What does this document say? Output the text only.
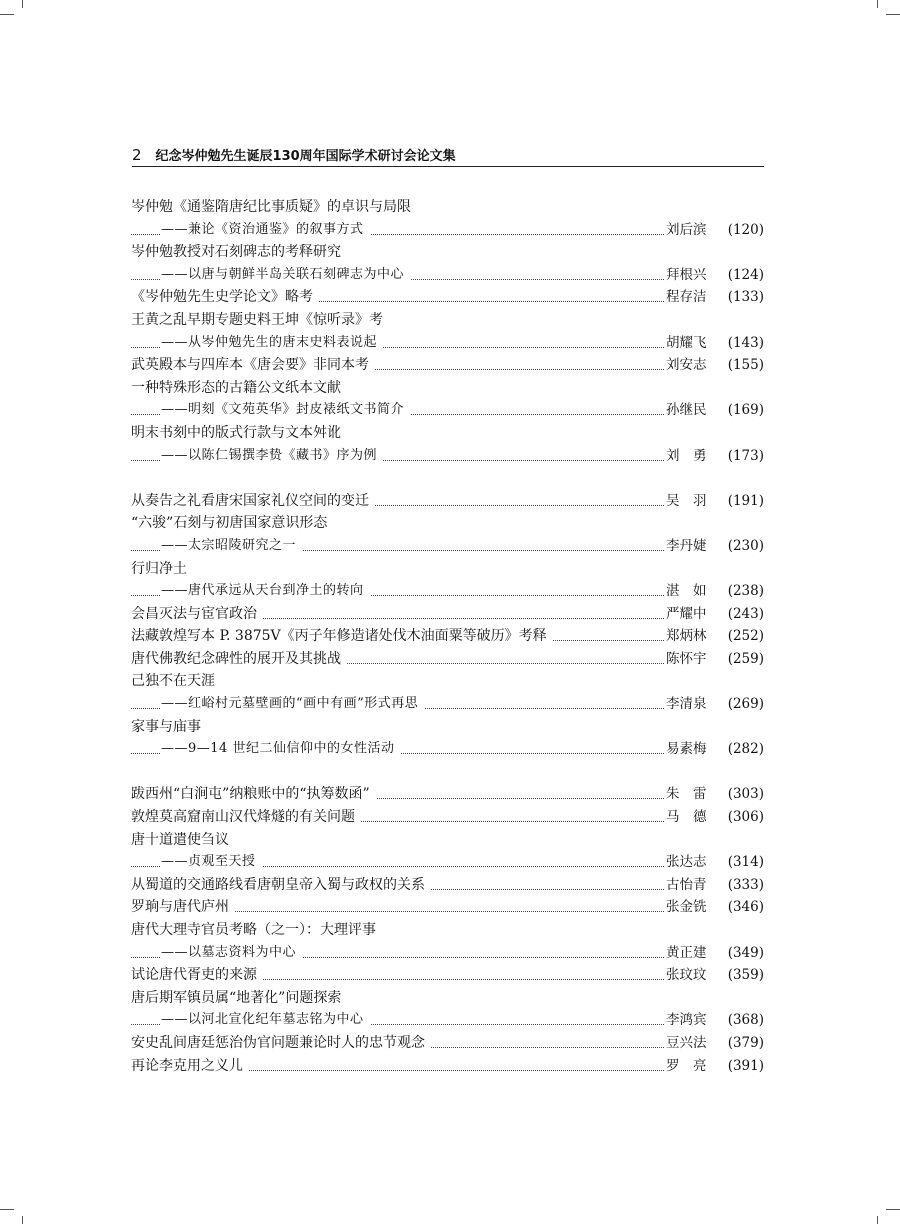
2 纪念岑仲勉先生诞辰130周年国际学术研讨会论文集
岑仲勉《通鉴隋唐纪比事质疑》的卓识与局限
——兼论《资治通鉴》的叙事方式	刘后滨	(120)
岑仲勉教授对石刻碑志的考释研究
——以唐与朝鲜半岛关联石刻碑志为中心	拜根兴	(124)
《岑仲勉先生史学论文》略考	程存洁	(133)
王黄之乱早期专题史料王坤《惊听录》考
——从岑仲勉先生的唐末史料表说起	胡耀飞	(143)
武英殿本与四库本《唐会要》非同本考	刘安志	(155)
一种特殊形态的古籍公文纸本文献
——明刻《文苑英华》封皮裱纸文书简介	孙继民	(169)
明末书刻中的版式行款与文本舛讹
——以陈仁锡撰李贽《藏书》序为例	刘　勇	(173)
从奏告之礼看唐宋国家礼仪空间的变迁	吴　羽	(191)
“六骏”石刻与初唐国家意识形态
——太宗昭陵研究之一	李丹婕	(230)
行归净土
——唐代承远从天台到净土的转向	湛　如	(238)
会昌灭法与宦官政治	严耀中	(243)
法藏敦煌写本 P. 3875V《丙子年修造诸处伐木油面粟等破历》考释	郑炳林	(252)
唐代佛教纪念碑性的展开及其挑战	陈怀宇	(259)
己独不在天涯
——红峪村元墓壁画的“画中有画”形式再思	李清泉	(269)
家事与庙事
——9—14 世纪二仙信仰中的女性活动	易素梅	(282)
跋西州“白涧屯”纳粮账中的“执筹数函”	朱　雷	(303)
敦煌莫高窟南山汉代烽燧的有关问题	马　德	(306)
唐十道遣使刍议
——贞观至天授	张达志	(314)
从蜀道的交通路线看唐朝皇帝入蜀与政权的关系	古怡青	(333)
罗珦与唐代庐州	张金铣	(346)
唐代大理寺官员考略（之一）：大理评事
——以墓志资料为中心	黄正建	(349)
试论唐代胥吏的来源	张玟玟	(359)
唐后期军镇员属“地著化”问题探索
——以河北宣化纪年墓志铭为中心	李鸿宾	(368)
安史乱间唐廷惩治伪官问题兼论时人的忠节观念	豆兴法	(379)
再论李克用之义儿	罗　亮	(391)
